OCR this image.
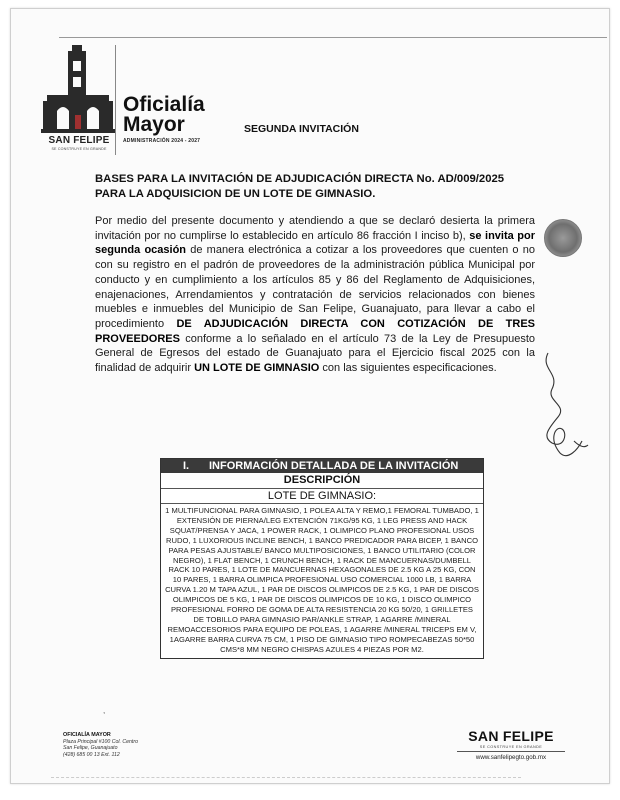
SAN FELIPE
SE CONSTRUYE EN GRANDE
Oficialía
Mayor
ADMINISTRACIÓN 2024 - 2027
SEGUNDA INVITACIÓN
BASES PARA LA INVITACIÓN DE ADJUDICACIÓN DIRECTA No. AD/009/2025
PARA LA ADQUISICION DE UN LOTE DE GIMNASIO.
Por medio del presente documento y atendiendo a que se declaró desierta la primera invitación por no cumplirse lo establecido en artículo 86 fracción I inciso b), se invita por segunda ocasión de manera electrónica a cotizar a los proveedores que cuenten o no con su registro en el padrón de proveedores de la administración pública Municipal por conducto y en cumplimiento a los artículos 85 y 86 del Reglamento de Adquisiciones, enajenaciones, Arrendamientos y contratación de servicios relacionados con bienes muebles e inmuebles del Municipio de San Felipe, Guanajuato, para llevar a cabo el procedimiento DE ADJUDICACIÓN DIRECTA CON COTIZACIÓN DE TRES PROVEEDORES conforme a lo señalado en el artículo 73 de la Ley de Presupuesto General de Egresos del estado de Guanajuato para el Ejercicio fiscal 2025 con la finalidad de adquirir UN LOTE DE GIMNASIO con las siguientes especificaciones.
I. INFORMACIÓN DETALLADA DE LA INVITACIÓN
DESCRIPCIÓN
LOTE DE GIMNASIO:
1 MULTIFUNCIONAL PARA GIMNASIO, 1 POLEA ALTA Y REMO,1 FEMORAL TUMBADO, 1 EXTENSIÓN DE PIERNA/LEG EXTENCIÓN 71KG/95 KG, 1 LEG PRESS AND HACK SQUAT/PRENSA Y JACA, 1 POWER RACK, 1 OLIMPICO PLANO PROFESIONAL USOS RUDO, 1 LUXORIOUS INCLINE BENCH, 1 BANCO PREDICADOR PARA BICEP, 1 BANCO PARA PESAS AJUSTABLE/ BANCO MULTIPOSICIONES, 1 BANCO UTILITARIO (COLOR NEGRO), 1 FLAT BENCH, 1 CRUNCH BENCH, 1 RACK DE MANCUERNAS/DUMBELL RACK 10 PARES, 1 LOTE DE MANCUERNAS HEXAGONALES DE 2.5 KG A 25 KG, CON 10 PARES, 1 BARRA OLIMPICA PROFESIONAL USO COMERCIAL 1000 LB, 1 BARRA CURVA 1.20 M TAPA AZUL, 1 PAR DE DISCOS OLIMPICOS DE 2.5 KG, 1 PAR DE DISCOS OLIMPICOS DE 5 KG, 1 PAR DE DISCOS OLIMPICOS DE 10 KG, 1 DISCO OLIMPICO PROFESIONAL FORRO DE GOMA DE ALTA RESISTENCIA 20 KG 50/20, 1 GRILLETES DE TOBILLO PARA GIMNASIO PAR/ANKLE STRAP, 1 AGARRE /MINERAL REMOACCESORIOS PARA EQUIPO DE POLEAS, 1 AGARRE /MINERAL TRICEPS EM V, 1AGARRE BARRA CURVA 75 CM, 1 PISO DE GIMNASIO TIPO ROMPECABEZAS 50*50 CMS*8 MM NEGRO CHISPAS AZULES 4 PIEZAS POR M2.
,
OFICIALÍA MAYOR
Plaza Principal #100 Col. Centro
San Felipe, Guanajuato
(428) 685 00 13 Ext. 112
SAN FELIPE
SE CONSTRUYE EN GRANDE
www.sanfelipegto.gob.mx
